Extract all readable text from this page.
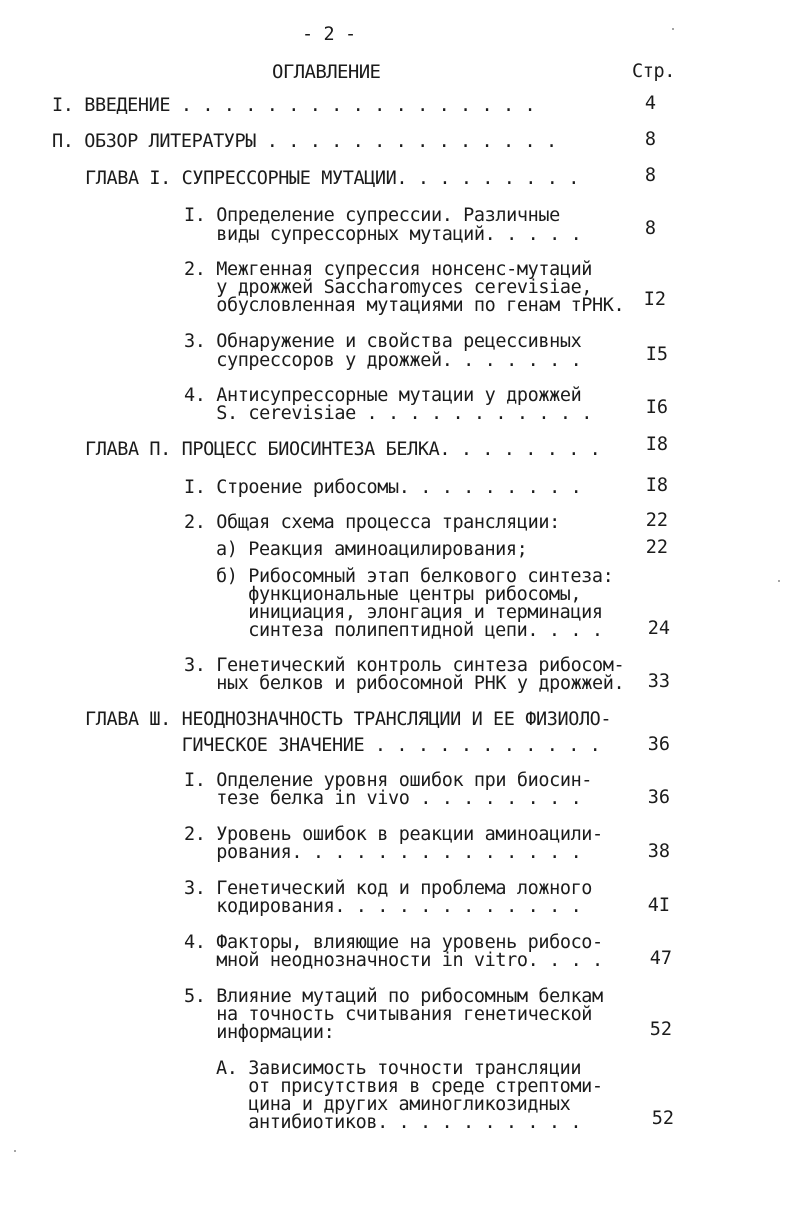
- 2 -
ОГЛАВЛЕНИЕ	Стр.
I. ВВЕДЕНИЕ . . . . . . . . . . . . . . . . .	4
П. ОБЗОР ЛИТЕРАТУРЫ . . . . . . . . . . . . . .	8
ГЛАВА I. СУПРЕССОРНЫЕ МУТАЦИИ. . . . . . . . .	8
I. Определение супрессии. Различные
виды супрессорных мутаций. . . . .	8
2. Межгенная супрессия нонсенс-мутаций
у дрожжей Saccharomyces cerevisiae,
обусловленная мутациями по генам тРНК.	I2
3. Обнаружение и свойства рецессивных
супрессоров у дрожжей. . . . . . .	I5
4. Антисупрессорные мутации у дрожжей
S. cerevisiae . . . . . . . . . . .	I6
ГЛАВА П. ПРОЦЕСС БИОСИНТЕЗА БЕЛКА. . . . . . . .	I8
I. Строение рибосомы. . . . . . . . .	I8
2. Общая схема процесса трансляции:	22
а) Реакция аминоацилирования;	22
б) Рибосомный этап белкового синтеза:
функциональные центры рибосомы,
инициация, элонгация и терминация
синтеза полипептидной цепи. . . .	24
3. Генетический контроль синтеза рибосом-
ных белков и рибосомной РНК у дрожжей.	33
ГЛАВА Ш. НЕОДНОЗНАЧНОСТЬ ТРАНСЛЯЦИИ И ЕЕ ФИЗИОЛО-
ГИЧЕСКОЕ ЗНАЧЕНИЕ . . . . . . . . . . .	36
I. Опделение уровня ошибок при биосин-
тезе белка in vivo . . . . . . . .	36
2. Уровень ошибок в реакции аминоацили-
рования. . . . . . . . . . . . . .	38
3. Генетический код и проблема ложного
кодирования. . . . . . . . . . . .	4I
4. Факторы, влияющие на уровень рибосо-
мной неоднозначности in vitro. . . .	47
5. Влияние мутаций по рибосомным белкам
на точность считывания генетической
информации:	52
А. Зависимость точности трансляции
от присутствия в среде стрептоми-
цина и других аминогликозидных
антибиотиков. . . . . . . . . .	52
